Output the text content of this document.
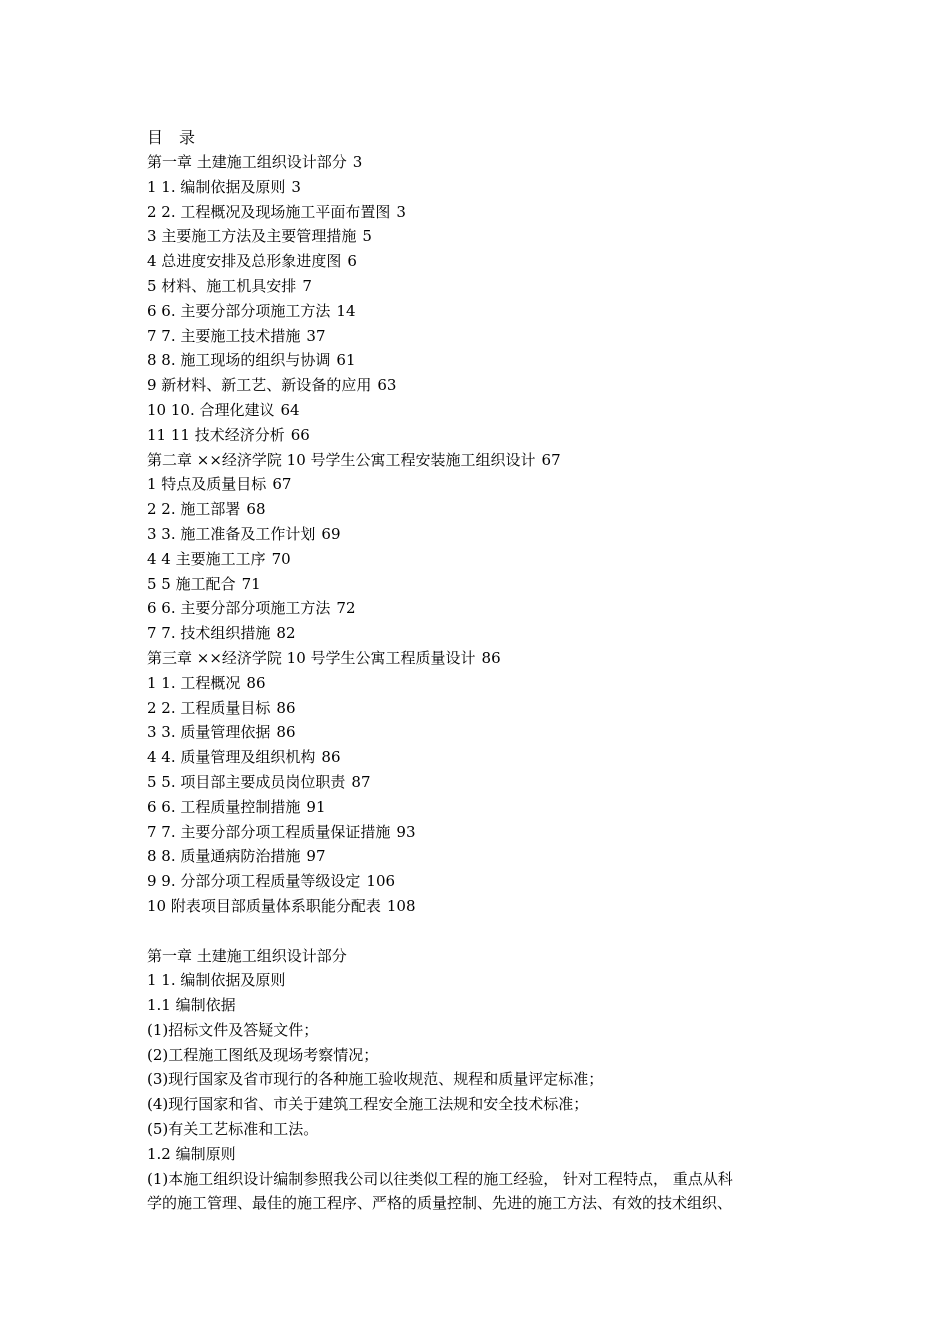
目　录
第一章 土建施工组织设计部分 3
1 1. 编制依据及原则 3
2 2. 工程概况及现场施工平面布置图 3
3 主要施工方法及主要管理措施 5
4 总进度安排及总形象进度图 6
5 材料、施工机具安排 7
6 6. 主要分部分项施工方法 14
7 7. 主要施工技术措施 37
8 8. 施工现场的组织与协调 61
9 新材料、新工艺、新设备的应用 63
10 10. 合理化建议 64
11 11 技术经济分析 66
第二章 ××经济学院 10 号学生公寓工程安装施工组织设计 67
1 特点及质量目标 67
2 2. 施工部署 68
3 3. 施工准备及工作计划 69
4 4 主要施工工序 70
5 5 施工配合 71
6 6. 主要分部分项施工方法 72
7 7. 技术组织措施 82
第三章 ××经济学院 10 号学生公寓工程质量设计 86
1 1. 工程概况 86
2 2. 工程质量目标 86
3 3. 质量管理依据 86
4 4. 质量管理及组织机构 86
5 5. 项目部主要成员岗位职责 87
6 6. 工程质量控制措施 91
7 7. 主要分部分项工程质量保证措施 93
8 8. 质量通病防治措施 97
9 9. 分部分项工程质量等级设定 106
10 附表项目部质量体系职能分配表 108
第一章 土建施工组织设计部分
1 1. 编制依据及原则
1.1 编制依据
(1)招标文件及答疑文件；
(2)工程施工图纸及现场考察情况；
(3)现行国家及省市现行的各种施工验收规范、规程和质量评定标准；
(4)现行国家和省、市关于建筑工程安全施工法规和安全技术标准；
(5)有关工艺标准和工法。
1.2 编制原则
(1)本施工组织设计编制参照我公司以往类似工程的施工经验， 针对工程特点， 重点从科
学的施工管理、最佳的施工程序、严格的质量控制、先进的施工方法、有效的技术组织、
